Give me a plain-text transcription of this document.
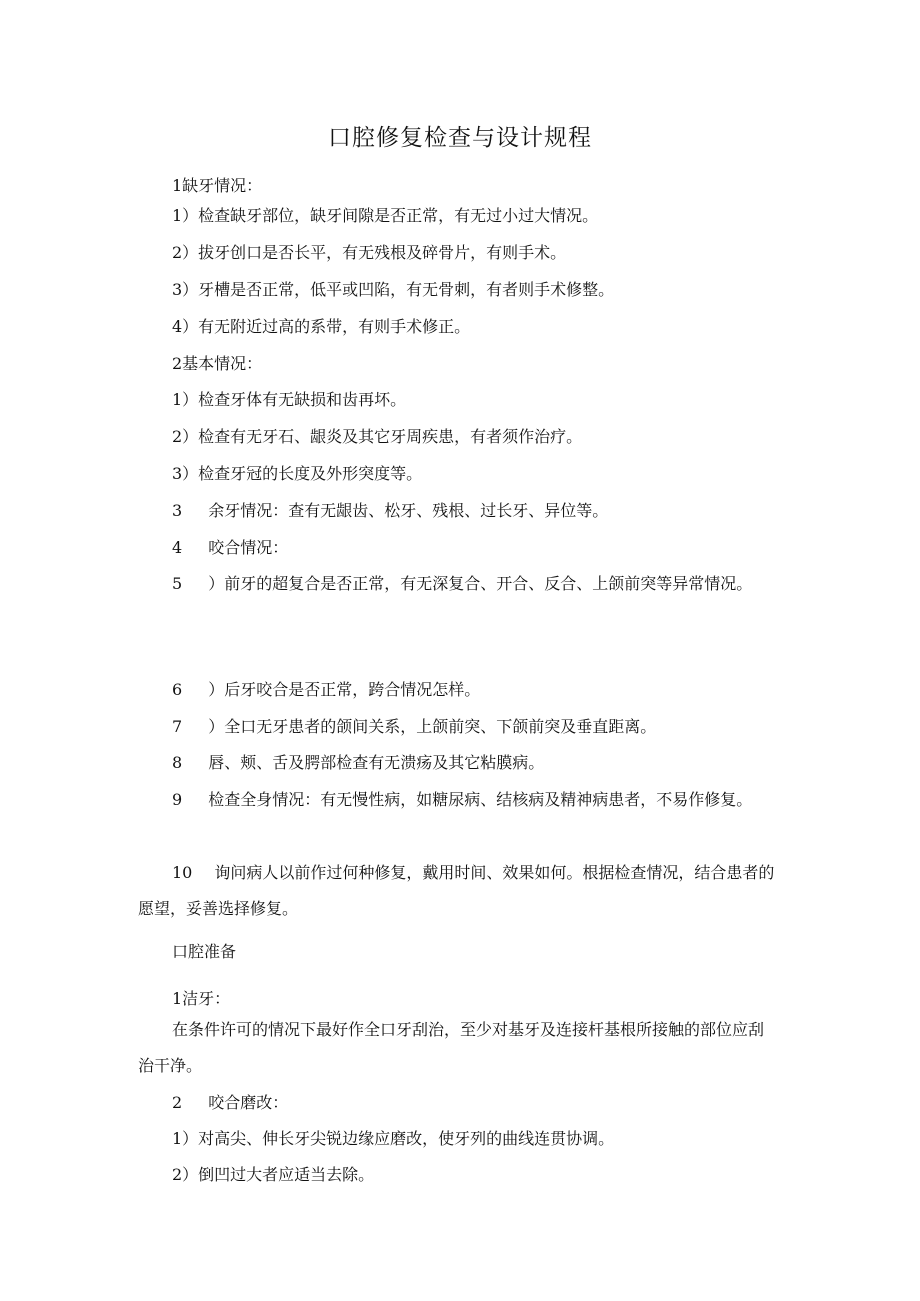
口腔修复检查与设计规程
1缺牙情况：
1）检查缺牙部位，缺牙间隙是否正常，有无过小过大情况。
2）拔牙创口是否长平，有无残根及碎骨片，有则手术。
3）牙槽是否正常，低平或凹陷，有无骨刺，有者则手术修整。
4）有无附近过高的系带，有则手术修正。
2基本情况：
1）检查牙体有无缺损和齿再坏。
2）检查有无牙石、龈炎及其它牙周疾患，有者须作治疗。
3）检查牙冠的长度及外形突度等。
3 余牙情况：查有无龈齿、松牙、残根、过长牙、异位等。
4 咬合情况：
5 ）前牙的超复合是否正常，有无深复合、开合、反合、上颌前突等异常情况。
6 ）后牙咬合是否正常，跨合情况怎样。
7 ）全口无牙患者的颌间关系，上颌前突、下颌前突及垂直距离。
8 唇、颊、舌及腭部检查有无溃疡及其它粘膜病。
9 检查全身情况：有无慢性病，如糖尿病、结核病及精神病患者，不易作修复。
10 询问病人以前作过何种修复，戴用时间、效果如何。根据检查情况，结合患者的愿望，妥善选择修复。
口腔准备
1洁牙：
在条件许可的情况下最好作全口牙刮治，至少对基牙及连接杆基根所接触的部位应刮治干净。
2 咬合磨改：
1）对高尖、伸长牙尖锐边缘应磨改，使牙列的曲线连贯协调。
2）倒凹过大者应适当去除。
